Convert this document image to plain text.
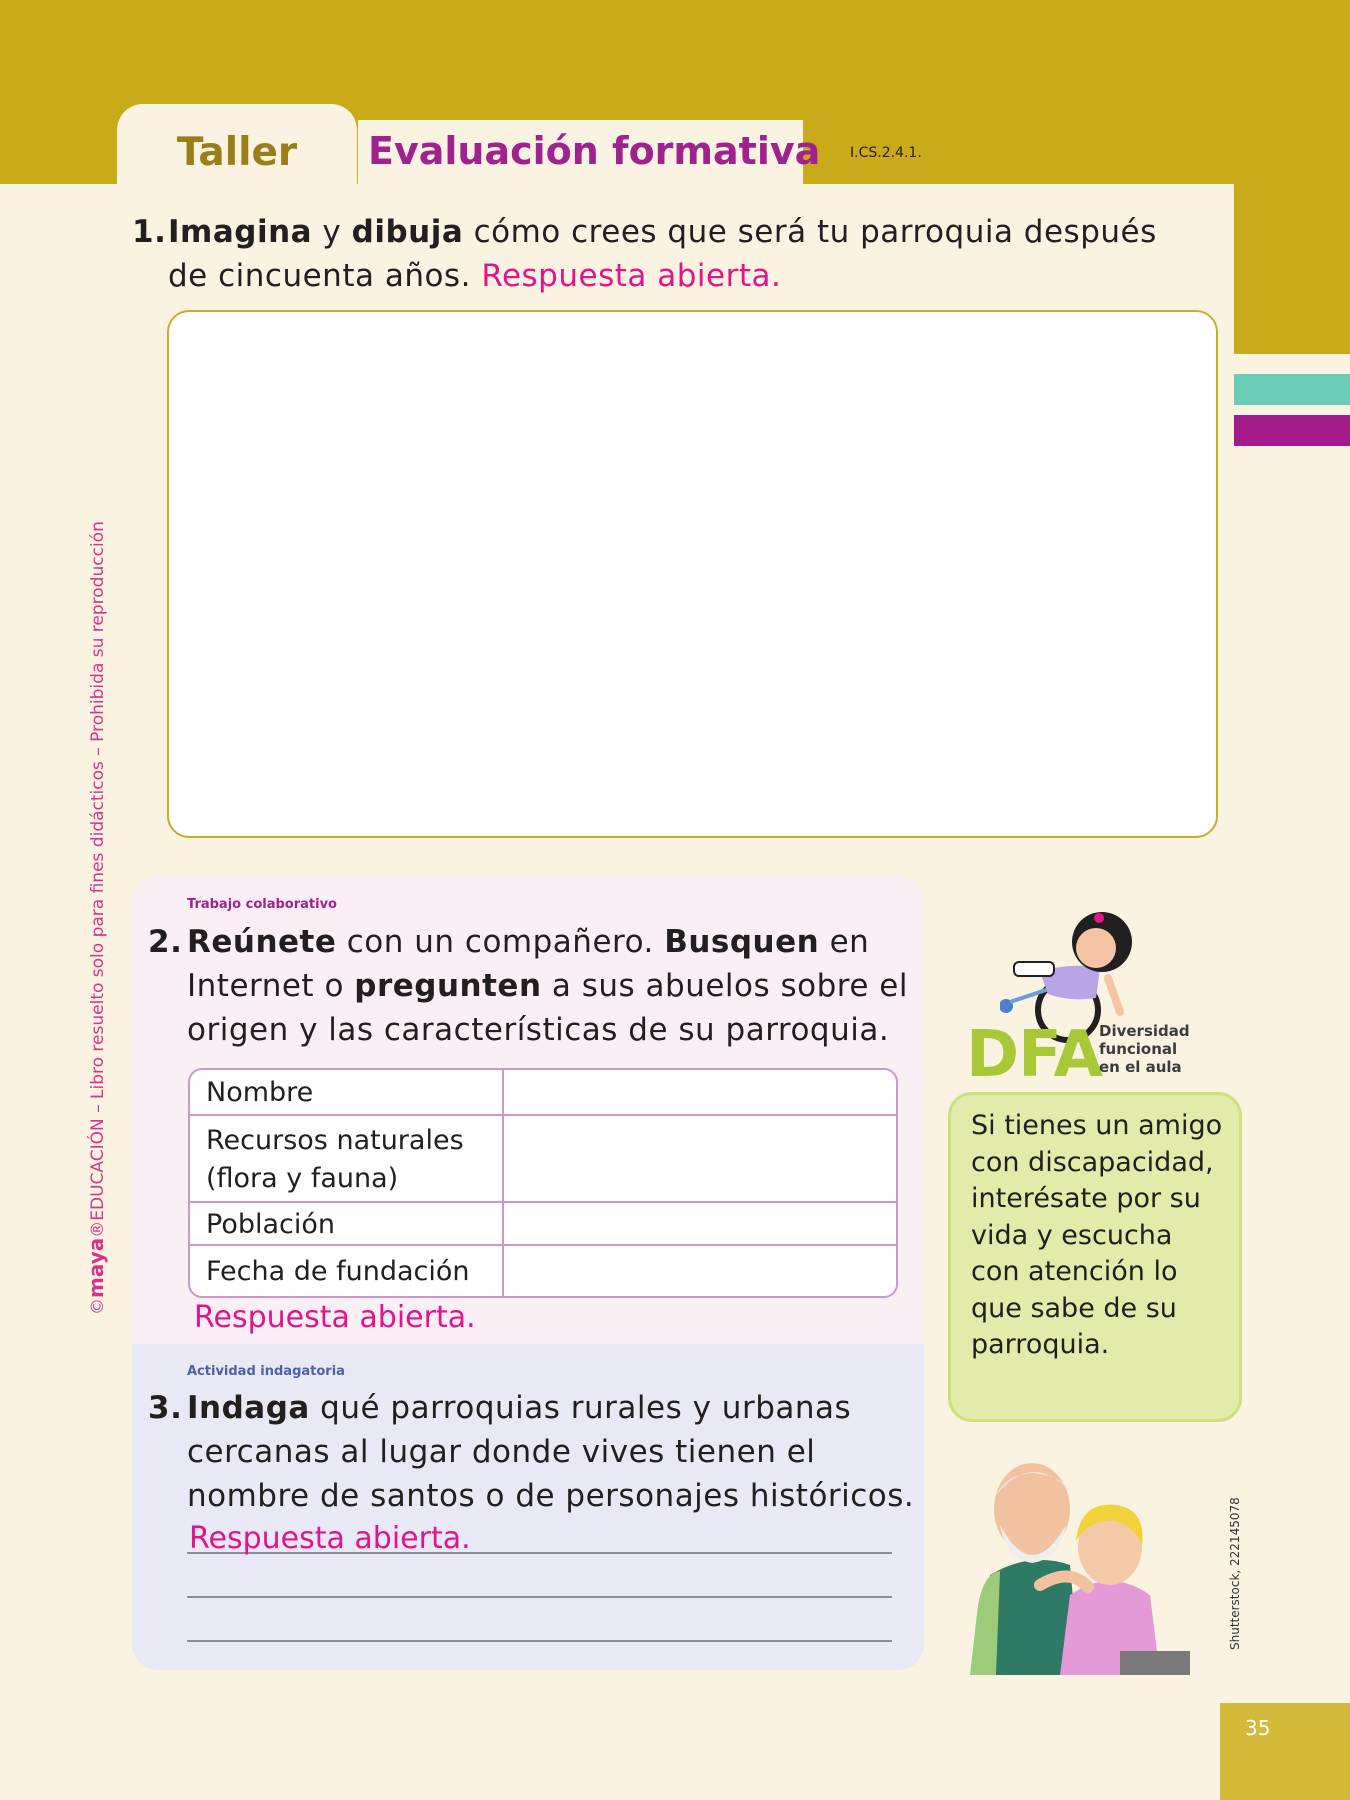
Taller	Evaluación formativa I.CS.2.4.1.
©maya®EDUCACIÓN – Libro resuelto solo para fines didácticos – Prohibida su reproducción
1. Imagina y dibuja cómo crees que será tu parroquia después
de cincuenta años. Respuesta abierta.
Trabajo colaborativo
2. Reúnete con un compañero. Busquen en
Internet o pregunten a sus abuelos sobre el
origen y las características de su parroquia.
Nombre	
Recursos naturales (flora y fauna)	
Población	
Fecha de fundación	
Respuesta abierta.
Actividad indagatoria
3. Indaga qué parroquias rurales y urbanas
cercanas al lugar donde vives tienen el
nombre de santos o de personajes históricos.
Respuesta abierta.
DFA
Diversidad
funcional
en el aula
Si tienes un amigo con discapacidad, interésate por su vida y escucha con atención lo que sabe de su parroquia.
Shutterstock, 222145078
35
